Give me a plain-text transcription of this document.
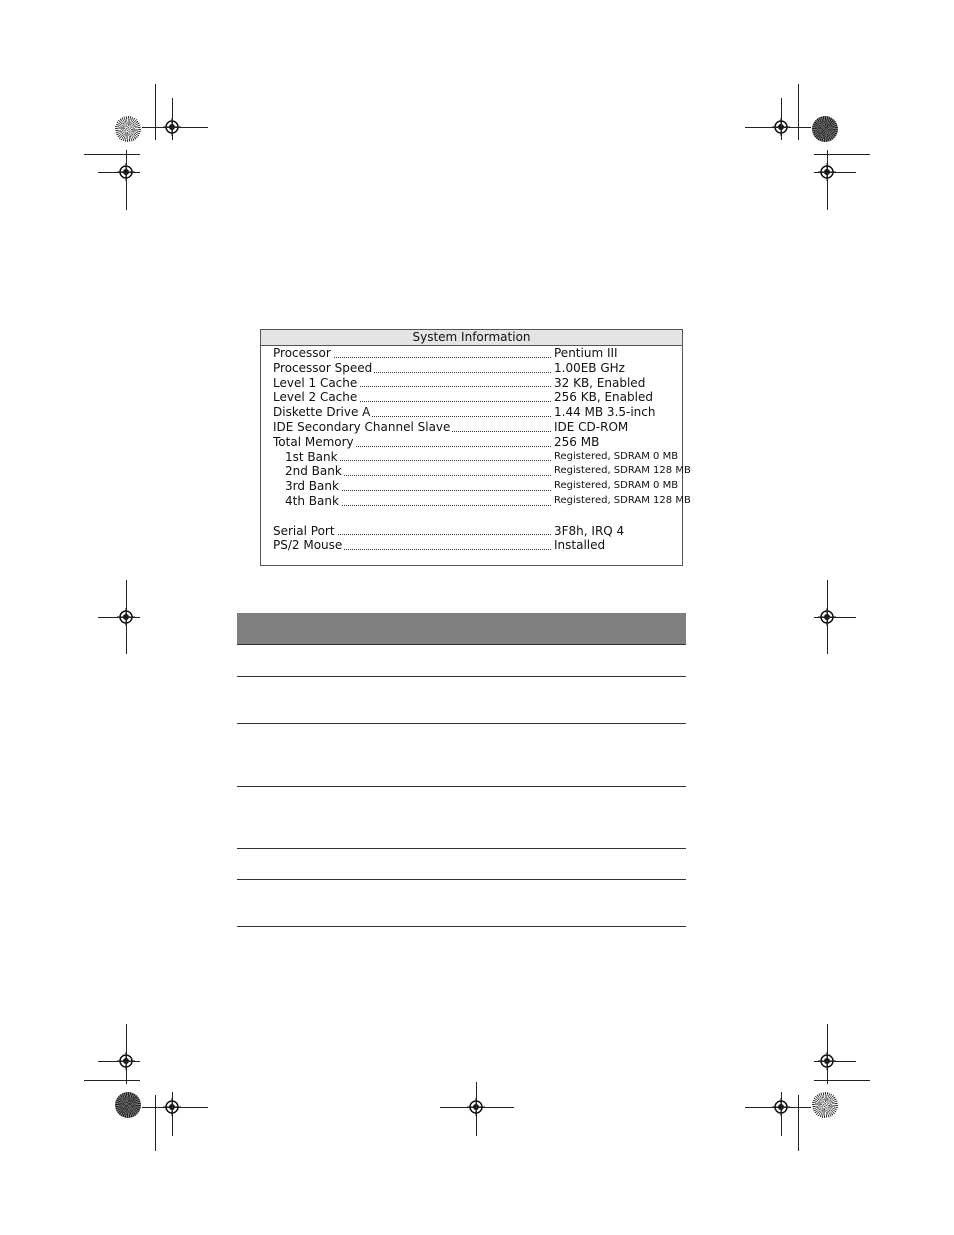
System Information
Processor	Pentium III
Processor Speed	1.00EB GHz
Level 1 Cache	32 KB, Enabled
Level 2 Cache	256 KB, Enabled
Diskette Drive A	1.44 MB 3.5-inch
IDE Secondary Channel Slave	IDE CD-ROM
Total Memory	256 MB
1st Bank	Registered, SDRAM 0 MB
2nd Bank	Registered, SDRAM 128 MB
3rd Bank	Registered, SDRAM 0 MB
4th Bank	Registered, SDRAM 128 MB
Serial Port	3F8h, IRQ 4
PS/2 Mouse	Installed
